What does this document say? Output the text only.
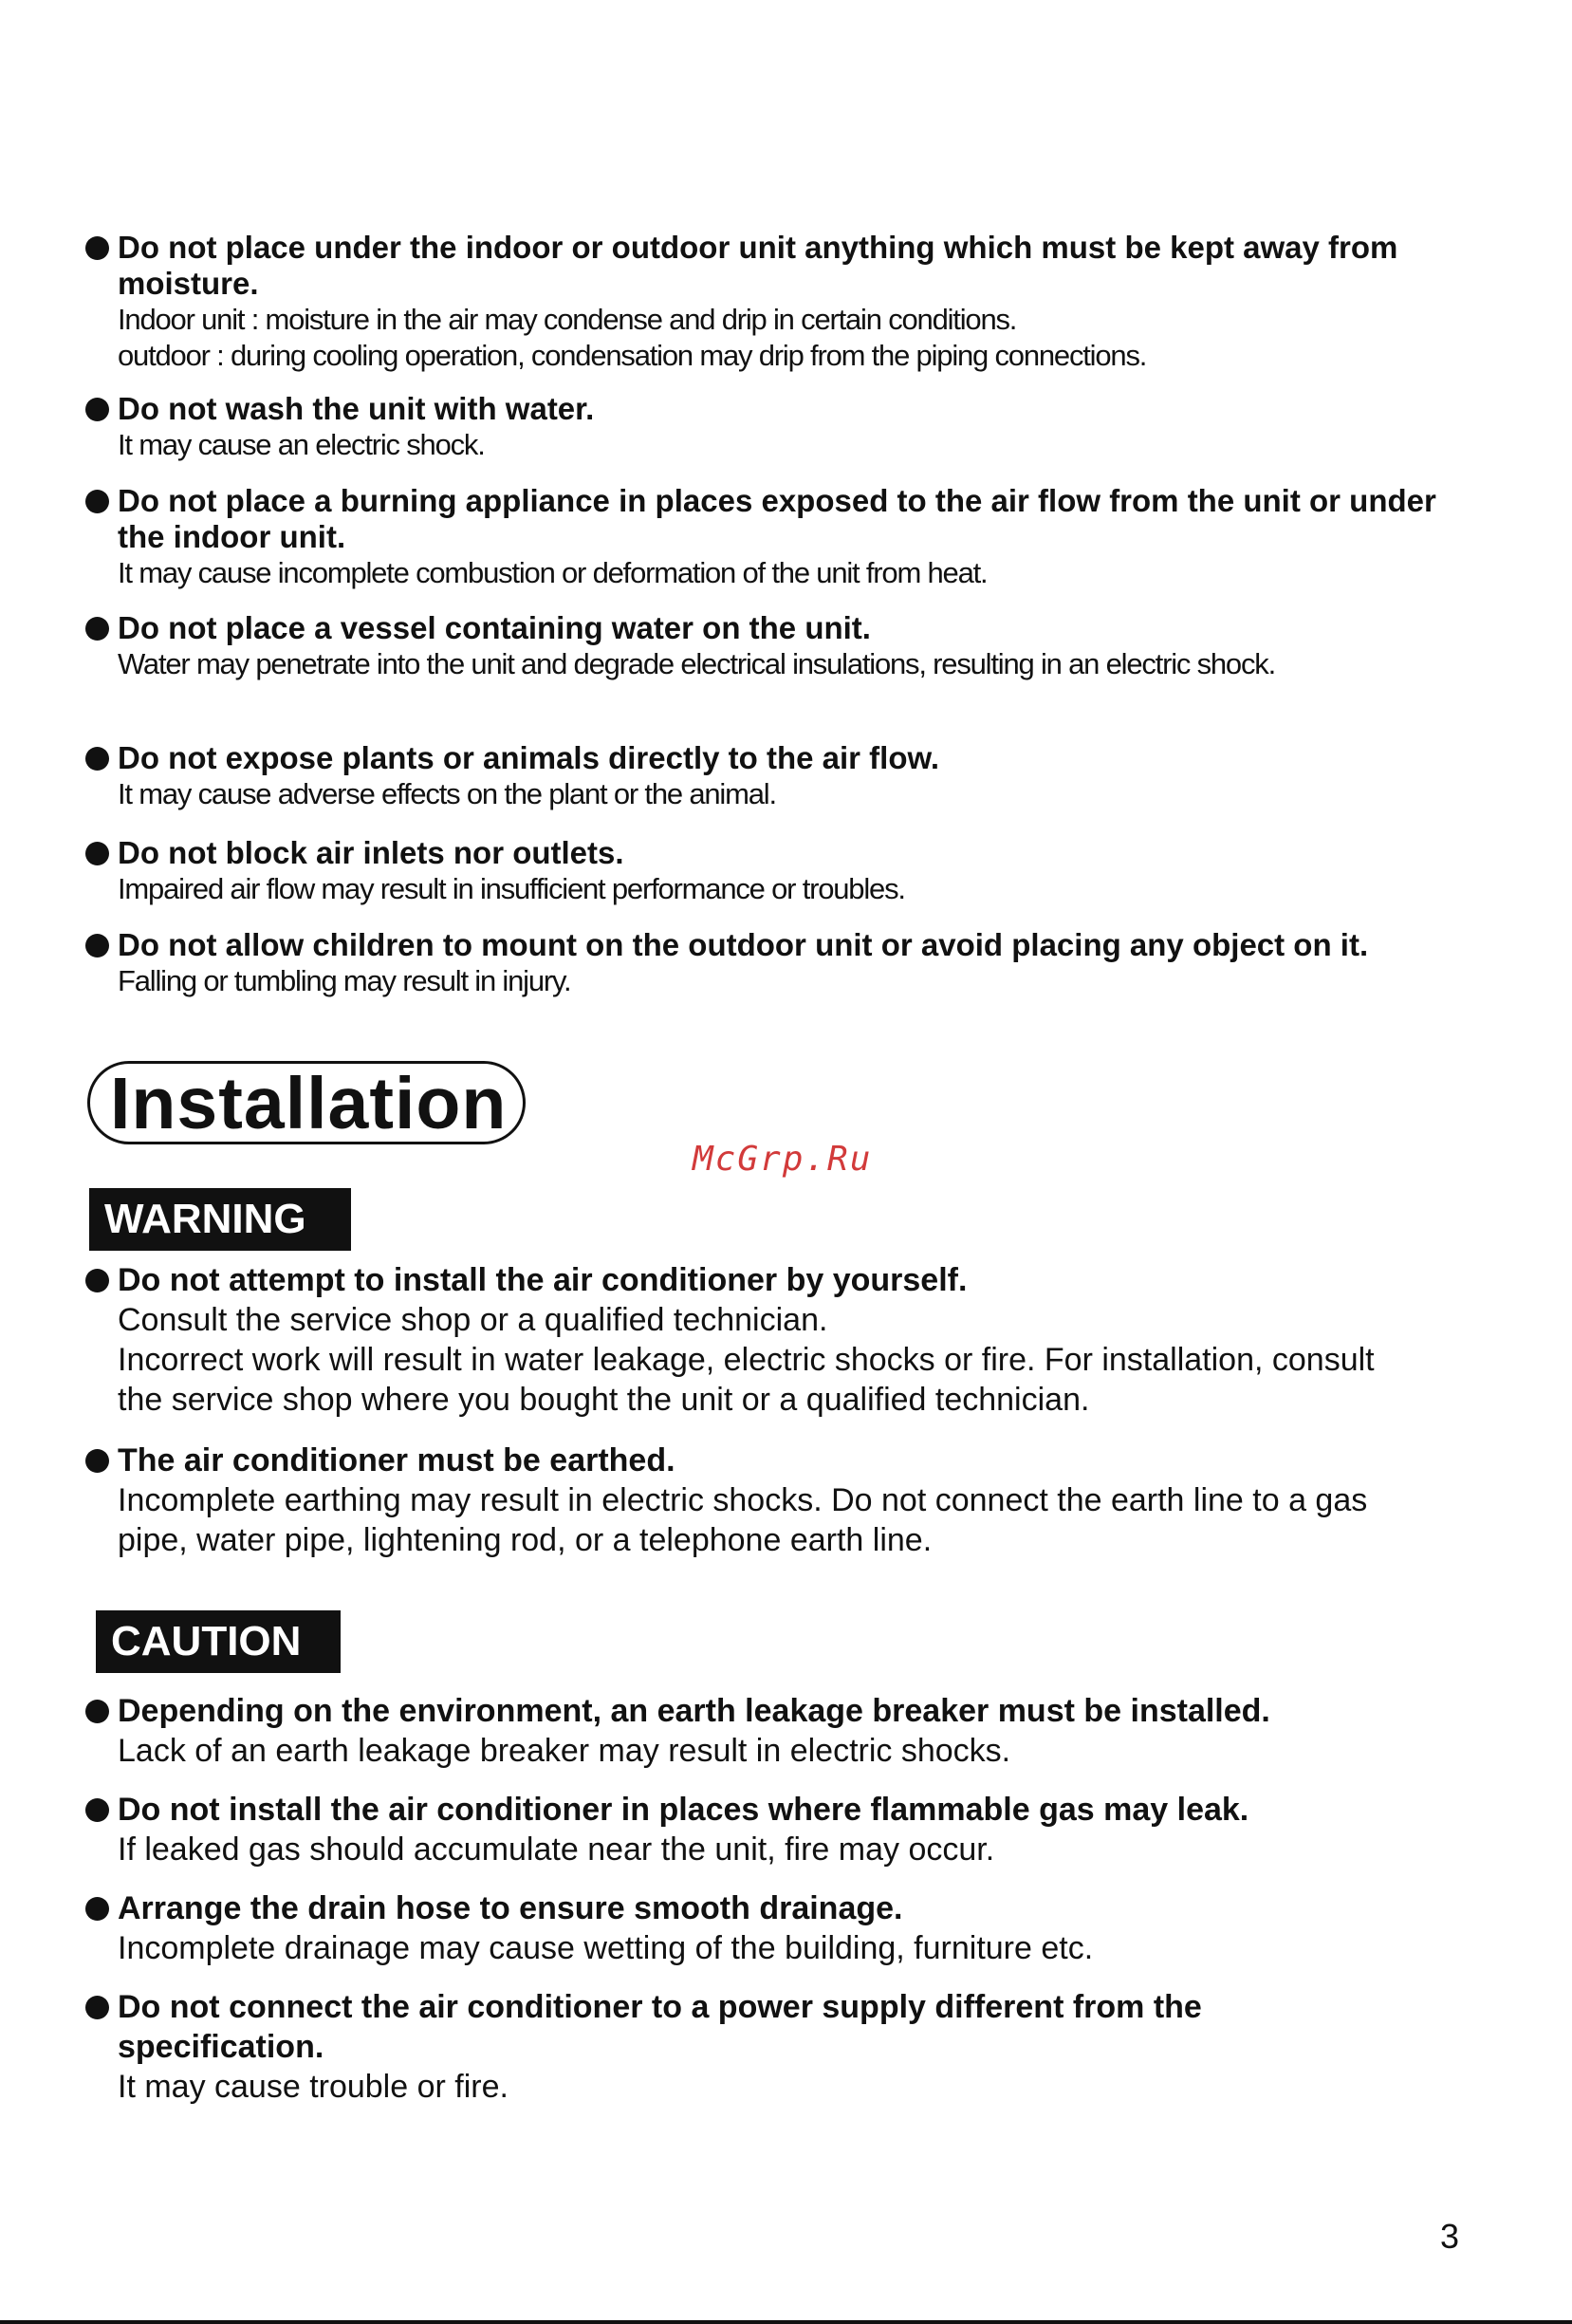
Do not place under the indoor or outdoor unit anything which must be kept away from moisture.
Indoor unit : moisture in the air may condense and drip in certain conditions.
outdoor : during cooling operation, condensation may drip from the piping connections.
Do not wash the unit with water.
It may cause an electric shock.
Do not place a burning appliance in places exposed to the air flow from the unit or under the indoor unit.
It may cause incomplete combustion or deformation of the unit from heat.
Do not place a vessel containing water on the unit.
Water may penetrate into the unit and degrade electrical insulations, resulting in an electric shock.
Do not expose plants or animals directly to the air flow.
It may cause adverse effects on the plant or the animal.
Do not block air inlets nor outlets.
Impaired air flow may result in insufficient performance or troubles.
Do not allow children to mount on the outdoor unit or avoid placing any object on it.
Falling or tumbling may result in injury.
Installation
McGrp.Ru
WARNING
Do not attempt to install the air conditioner by yourself.
Consult the service shop or a qualified technician.
Incorrect work will result in water leakage, electric shocks or fire. For installation, consult the service shop where you bought the unit or a qualified technician.
The air conditioner must be earthed.
Incomplete earthing may result in electric shocks. Do not connect the earth line to a gas pipe, water pipe, lightening rod, or a telephone earth line.
CAUTION
Depending on the environment, an earth leakage breaker must be installed.
Lack of an earth leakage breaker may result in electric shocks.
Do not install the air conditioner in places where flammable gas may leak.
If leaked gas should accumulate near the unit, fire may occur.
Arrange the drain hose to ensure smooth drainage.
Incomplete drainage may cause wetting of the building, furniture etc.
Do not connect the air conditioner to a power supply different from the specification.
It may cause trouble or fire.
3
